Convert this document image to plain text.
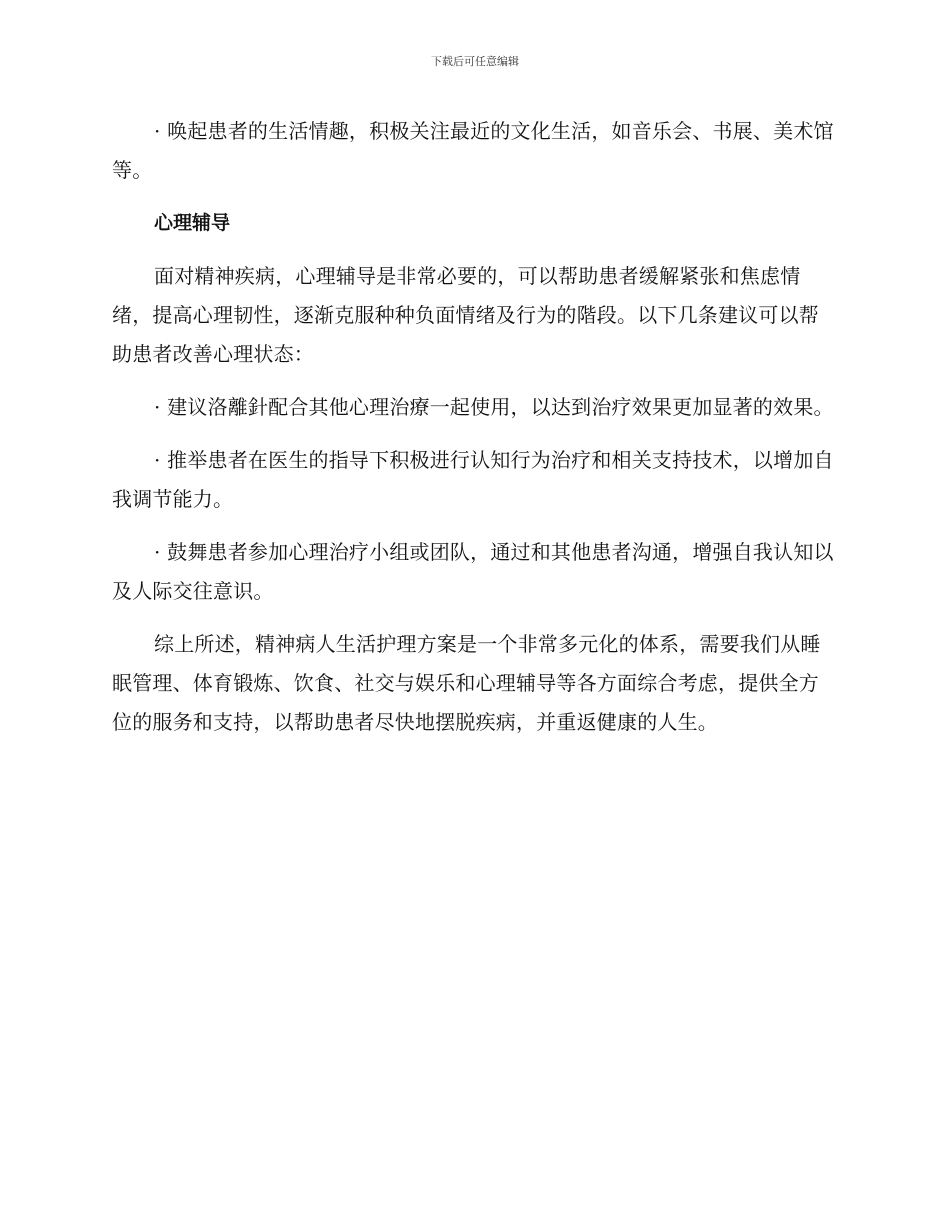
下载后可任意编辑

· 唤起患者的生活情趣，积极关注最近的文化生活，如音乐会、书展、美术馆等。

心理辅导

面对精神疾病，心理辅导是非常必要的，可以帮助患者缓解紧张和焦虑情绪，提高心理韧性，逐渐克服种种负面情绪及行为的階段。以下几条建议可以帮助患者改善心理状态：

· 建议洛離針配合其他心理治療一起使用，以达到治疗效果更加显著的效果。

· 推举患者在医生的指导下积极进行认知行为治疗和相关支持技术，以增加自我调节能力。

· 鼓舞患者参加心理治疗小组或团队，通过和其他患者沟通，增强自我认知以及人际交往意识。

综上所述，精神病人生活护理方案是一个非常多元化的体系，需要我们从睡眠管理、体育锻炼、饮食、社交与娱乐和心理辅导等各方面综合考虑，提供全方位的服务和支持，以帮助患者尽快地摆脱疾病，并重返健康的人生。
